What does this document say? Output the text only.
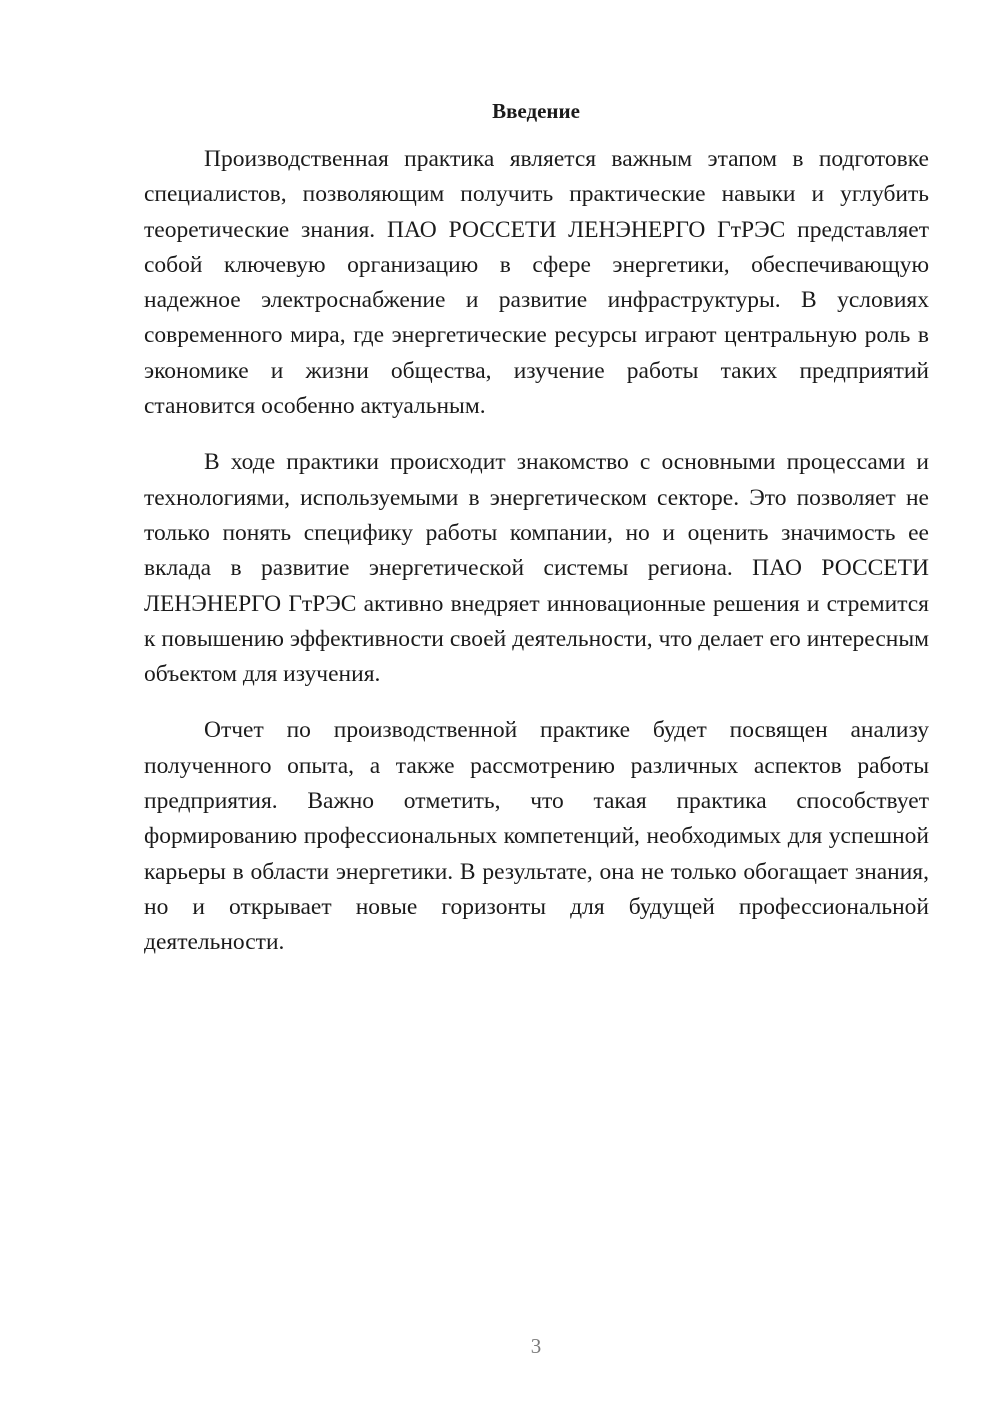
Введение

Производственная практика является важным этапом в подготовке специалистов, позволяющим получить практические навыки и углубить теоретические знания. ПАО РОССЕТИ ЛЕНЭНЕРГО ГтРЭС представляет собой ключевую организацию в сфере энергетики, обеспечивающую надежное электроснабжение и развитие инфраструктуры. В условиях современного мира, где энергетические ресурсы играют центральную роль в экономике и жизни общества, изучение работы таких предприятий становится особенно актуальным.

В ходе практики происходит знакомство с основными процессами и технологиями, используемыми в энергетическом секторе. Это позволяет не только понять специфику работы компании, но и оценить значимость ее вклада в развитие энергетической системы региона. ПАО РОССЕТИ ЛЕНЭНЕРГО ГтРЭС активно внедряет инновационные решения и стремится к повышению эффективности своей деятельности, что делает его интересным объектом для изучения.

Отчет по производственной практике будет посвящен анализу полученного опыта, а также рассмотрению различных аспектов работы предприятия. Важно отметить, что такая практика способствует формированию профессиональных компетенций, необходимых для успешной карьеры в области энергетики. В результате, она не только обогащает знания, но и открывает новые горизонты для будущей профессиональной деятельности.

3
